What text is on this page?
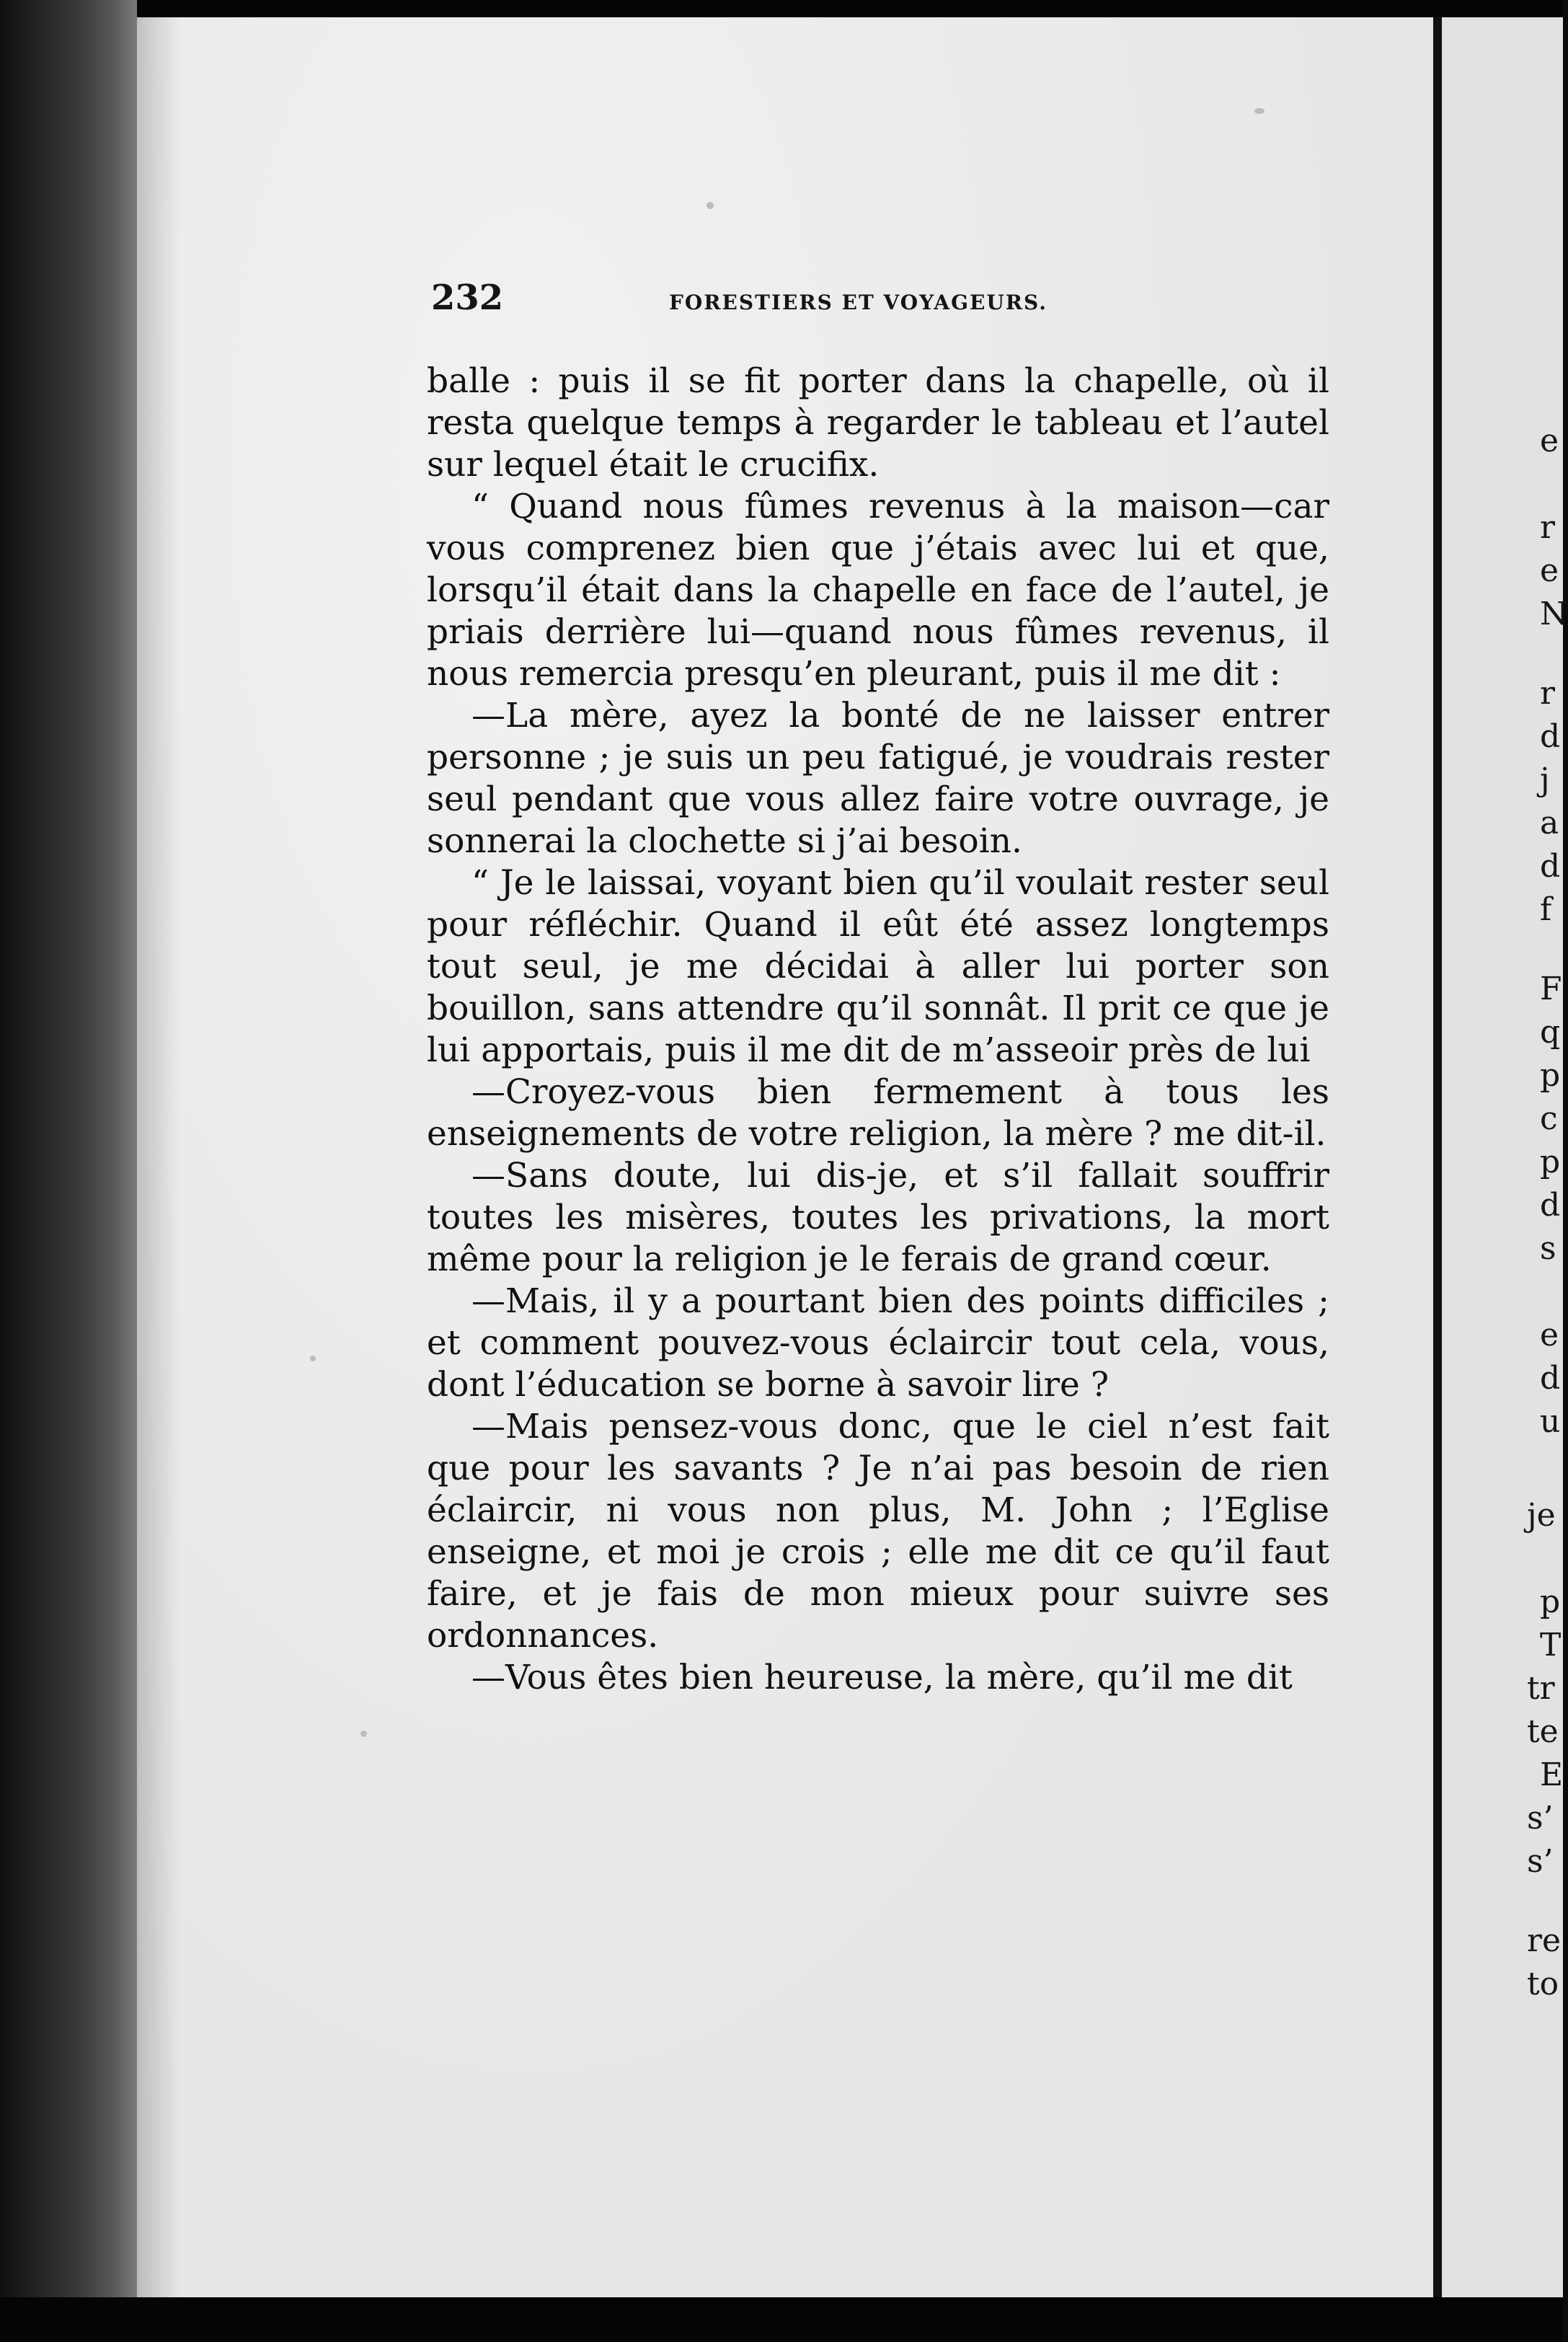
232	FORESTIERS ET VOYAGEURS.

balle : puis il se fit porter dans la chapelle, où il resta quelque temps à regarder le tableau et l’autel sur lequel était le crucifix.

“ Quand nous fûmes revenus à la maison—car vous comprenez bien que j’étais avec lui et que, lorsqu’il était dans la chapelle en face de l’autel, je priais derrière lui—quand nous fûmes revenus, il nous remercia presqu’en pleurant, puis il me dit :

—La mère, ayez la bonté de ne laisser entrer personne ; je suis un peu fatigué, je voudrais rester seul pendant que vous allez faire votre ouvrage, je sonnerai la clochette si j’ai besoin.

“ Je le laissai, voyant bien qu’il voulait rester seul pour réfléchir. Quand il eût été assez longtemps tout seul, je me décidai à aller lui porter son bouillon, sans attendre qu’il sonnât. Il prit ce que je lui apportais, puis il me dit de m’asseoir près de lui

—Croyez-vous bien fermement à tous les enseignements de votre religion, la mère ? me dit-il.

—Sans doute, lui dis-je, et s’il fallait souffrir toutes les misères, toutes les privations, la mort même pour la religion je le ferais de grand cœur.

—Mais, il y a pourtant bien des points difficiles ; et comment pouvez-vous éclaircir tout cela, vous, dont l’éducation se borne à savoir lire ?

—Mais pensez-vous donc, que le ciel n’est fait que pour les savants ? Je n’ai pas besoin de rien éclaircir, ni vous non plus, M. John ; l’Eglise enseigne, et moi je crois ; elle me dit ce qu’il faut faire, et je fais de mon mieux pour suivre ses ordonnances.

—Vous êtes bien heureuse, la mère, qu’il me dit

e
r
e
N
r
d
j
a
d
f
F
q
p
c
p
d
s
e
d
u
je
p
T
tr
te
E
s’
s’
re
to
